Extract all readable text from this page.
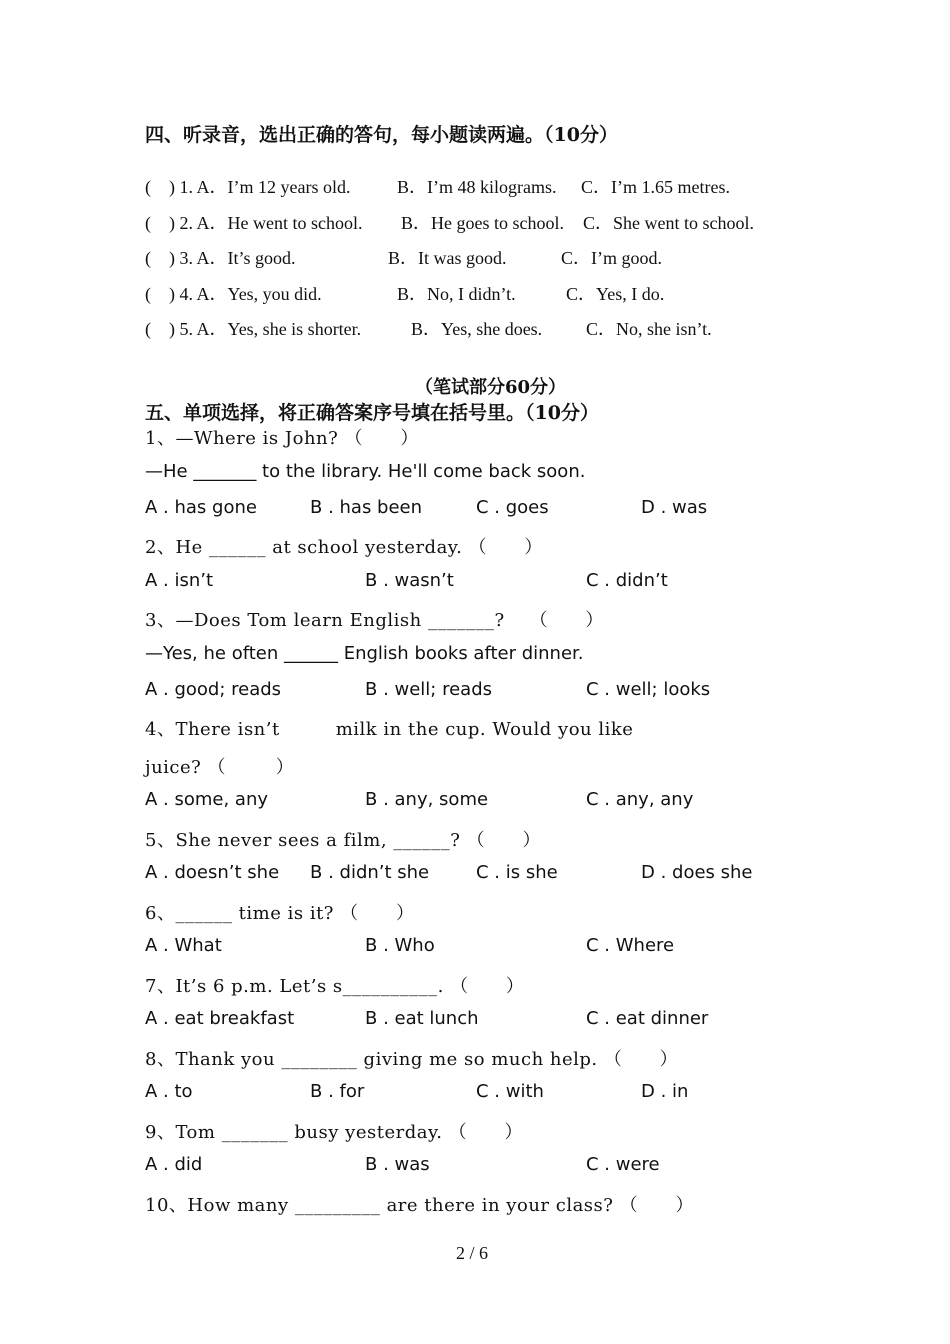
四、听录音，选出正确的答句，每小题读两遍。（10分）
(    ) 1. A．I’m 12 years old.	B．I’m 48 kilograms. C．I’m 1.65 metres.
(    ) 2. A．He went to school. B．He goes to school. C．She went to school.
(    ) 3. A．It’s good.	B．It was good.	C．I’m good.
(    ) 4. A．Yes, you did.	B．No, I didn’t.	C．Yes, I do.
(    ) 5. A．Yes, she is shorter.	B．Yes, she does. C．No, she isn’t.
（笔试部分60分）
五、单项选择，将正确答案序号填在括号里。（10分）
1、—Where is John? （      ）
—He _______ to the library. He'll come back soon.
A . has gone	B . has been	C . goes	D . was
2、He ______ at school yesterday. （      ）
A . isn’t	B . wasn’t	C . didn’t
3、—Does Tom learn English _______?    （      ）
—Yes, he often ______ English books after dinner.
A . good; reads	B . well; reads	C . well; looks
4、There isn’t         milk in the cup. Would you like
juice? （        ）
A . some, any	B . any, some	C . any, any
5、She never sees a film, ______? （      ）
A . doesn’t she B . didn’t she	C . is she	D . does she
6、______ time is it? （      ）
A . What	B . Who	C . Where
7、It’s 6 p.m. Let’s s__________. （      ）
A . eat breakfast	B . eat lunch	C . eat dinner
8、Thank you ________ giving me so much help. （      ）
A . to	B . for	C . with	D . in
9、Tom _______ busy yesterday. （      ）
A . did	B . was	C . were
10、How many _________ are there in your class? （      ）
2 / 6
